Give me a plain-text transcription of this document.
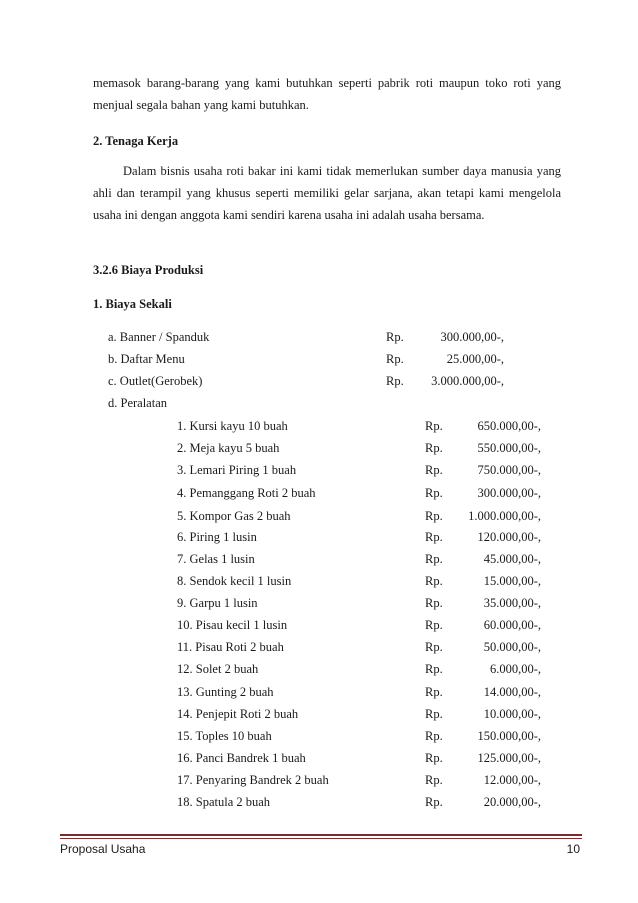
memasok barang-barang yang kami butuhkan seperti pabrik roti maupun toko roti yang
menjual segala bahan yang kami butuhkan.
2. Tenaga Kerja
Dalam bisnis usaha roti bakar ini kami tidak memerlukan sumber daya manusia yang
ahli dan terampil yang khusus seperti memiliki gelar sarjana, akan tetapi kami mengelola
usaha ini dengan anggota kami sendiri karena usaha ini adalah usaha bersama.
3.2.6 Biaya Produksi
1. Biaya Sekali
a. Banner / Spanduk	Rp.	300.000,00-,
b. Daftar Menu	Rp.	25.000,00-,
c. Outlet(Gerobek)	Rp. 3.000.000,00-,
d. Peralatan
1. Kursi kayu 10 buah	Rp.	650.000,00-,
2. Meja kayu 5 buah	Rp.	550.000,00-,
3. Lemari Piring 1 buah	Rp.	750.000,00-,
4. Pemanggang Roti 2 buah	Rp.	300.000,00-,
5. Kompor Gas 2 buah	Rp. 1.000.000,00-,
6. Piring 1 lusin	Rp.	120.000,00-,
7. Gelas 1 lusin	Rp.	45.000,00-,
8. Sendok kecil 1 lusin	Rp.	15.000,00-,
9. Garpu 1 lusin	Rp.	35.000,00-,
10. Pisau kecil 1 lusin	Rp.	60.000,00-,
11. Pisau Roti 2 buah	Rp.	50.000,00-,
12. Solet 2 buah	Rp.	6.000,00-,
13. Gunting 2 buah	Rp.	14.000,00-,
14. Penjepit Roti 2 buah	Rp.	10.000,00-,
15. Toples 10 buah	Rp.	150.000,00-,
16. Panci Bandrek 1 buah	Rp.	125.000,00-,
17. Penyaring Bandrek 2 buah	Rp.	12.000,00-,
18. Spatula 2 buah	Rp.	20.000,00-,
Proposal Usaha	10
